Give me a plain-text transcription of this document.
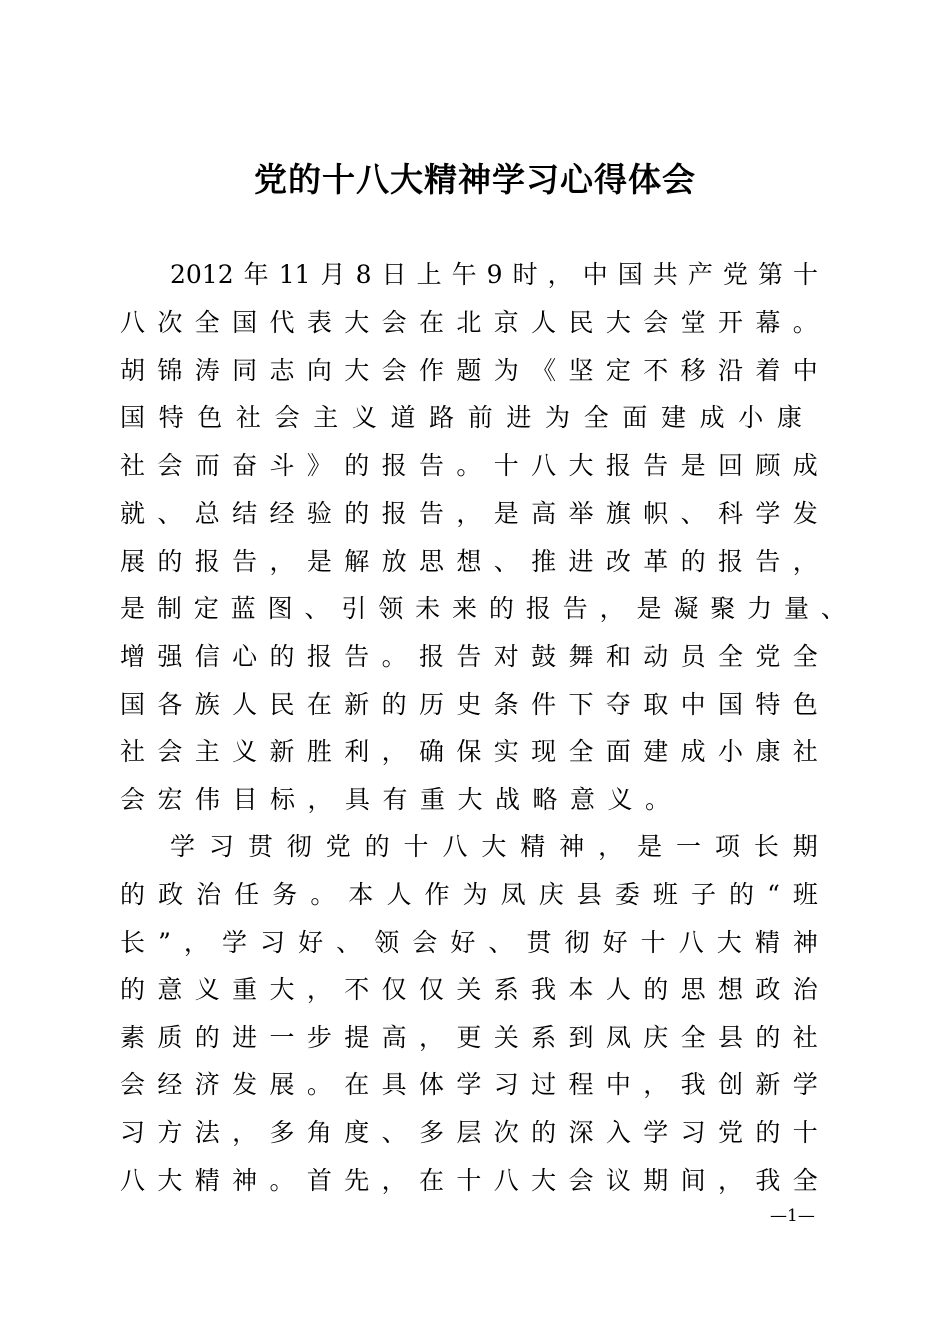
党的十八大精神学习心得体会
2012 年 11 月 8 日 上 午 9 时 ， 中 国 共 产 党 第 十
八 次 全 国 代 表 大 会 在 北 京 人 民 大 会 堂 开 幕 。
胡 锦 涛 同 志 向 大 会 作 题 为 《 坚 定 不 移 沿 着 中
国 特 色 社 会 主 义 道 路 前 进 为 全 面 建 成 小 康
社 会 而 奋 斗 》 的 报 告 。 十 八 大 报 告 是 回 顾 成
就 、 总 结 经 验 的 报 告 ， 是 高 举 旗 帜 、 科 学 发
展 的 报 告 ， 是 解 放 思 想 、 推 进 改 革 的 报 告 ，
是 制 定 蓝 图 、 引 领 未 来 的 报 告 ， 是 凝 聚 力 量 、
增 强 信 心 的 报 告 。 报 告 对 鼓 舞 和 动 员 全 党 全
国 各 族 人 民 在 新 的 历 史 条 件 下 夺 取 中 国 特 色
社 会 主 义 新 胜 利 ， 确 保 实 现 全 面 建 成 小 康 社
会宏伟目标，具有重大战略意义。
学 习 贯 彻 党 的 十 八 大 精 神 ， 是 一 项 长 期
的 政 治 任 务 。 本 人 作 为 凤 庆 县 委 班 子 的 “ 班
长 ” ， 学 习 好 、 领 会 好 、 贯 彻 好 十 八 大 精 神
的 意 义 重 大 ， 不 仅 仅 关 系 我 本 人 的 思 想 政 治
素 质 的 进 一 步 提 高 ， 更 关 系 到 凤 庆 全 县 的 社
会 经 济 发 展 。 在 具 体 学 习 过 程 中 ， 我 创 新 学
习 方 法 ， 多 角 度 、 多 层 次 的 深 入 学 习 党 的 十
八 大 精 神 。 首 先 ， 在 十 八 大 会 议 期 间 ， 我 全
—1—
